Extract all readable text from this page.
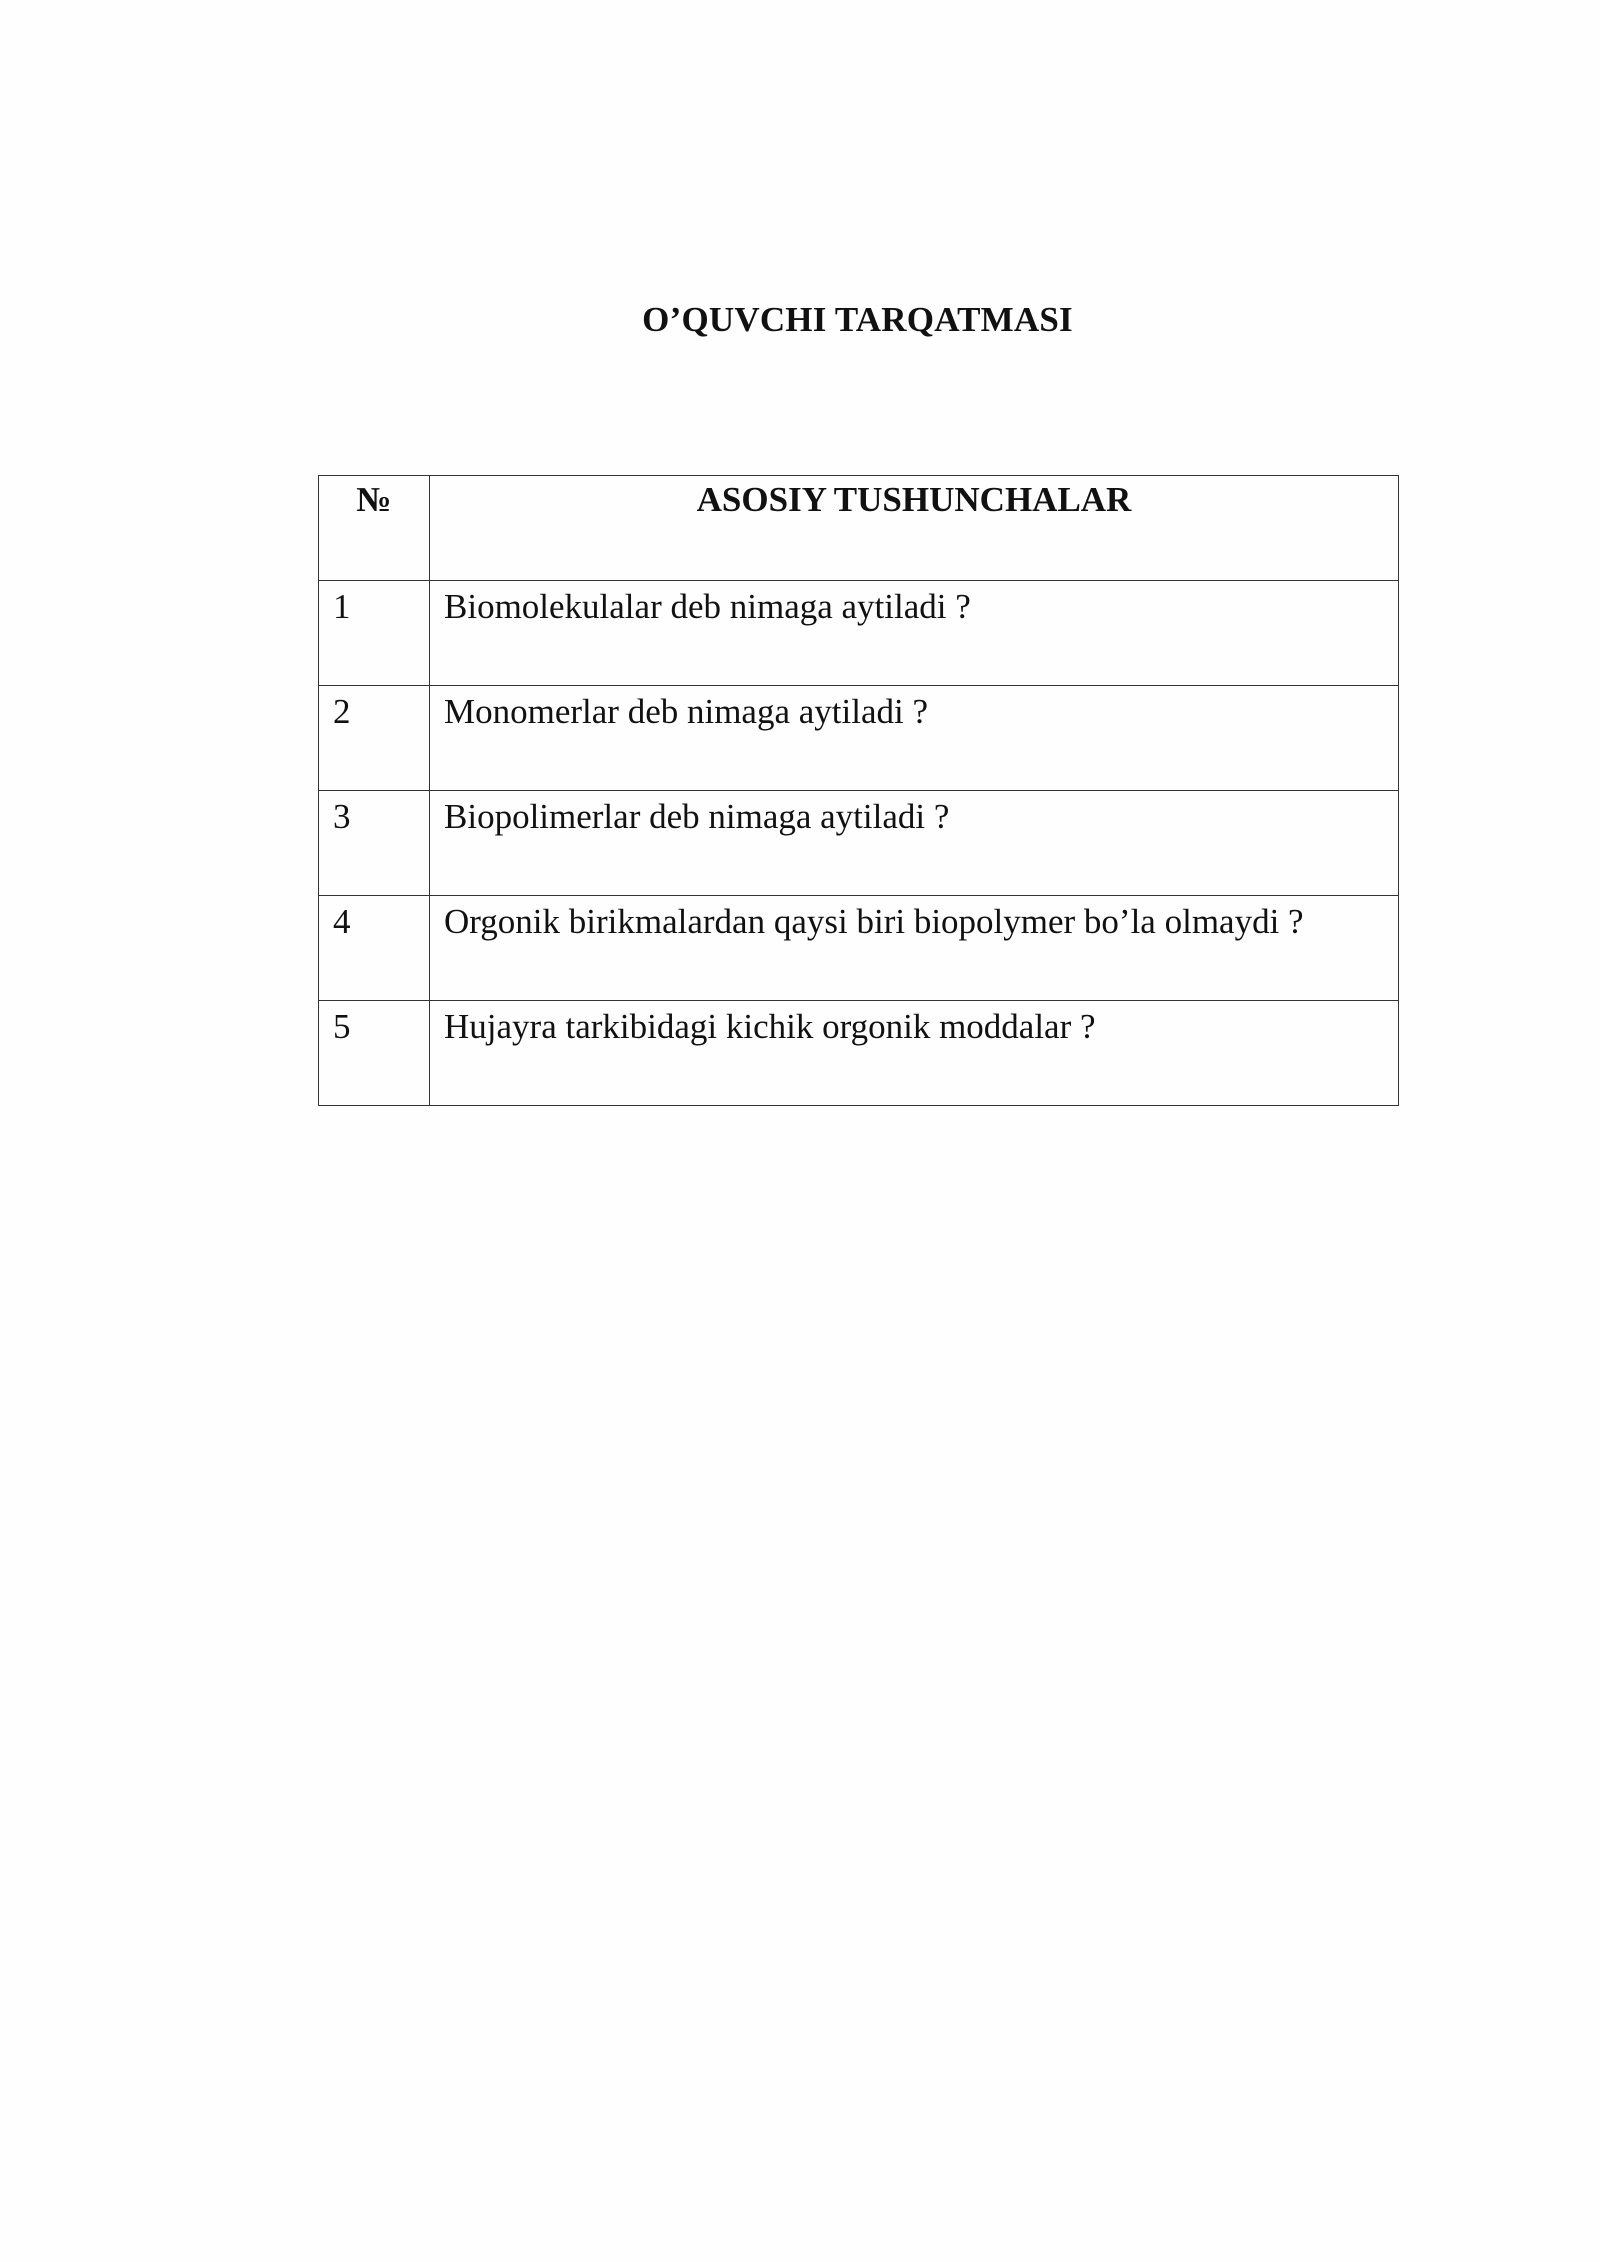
O’QUVCHI TARQATMASI
№	ASOSIY TUSHUNCHALAR

1	Biomolekulalar deb nimaga aytiladi ?

2	Monomerlar deb nimaga aytiladi ?

3	Biopolimerlar deb nimaga aytiladi ?

4	Orgonik birikmalardan qaysi biri biopolymer bo’la olmaydi ?

5	Hujayra tarkibidagi kichik orgonik moddalar ?
